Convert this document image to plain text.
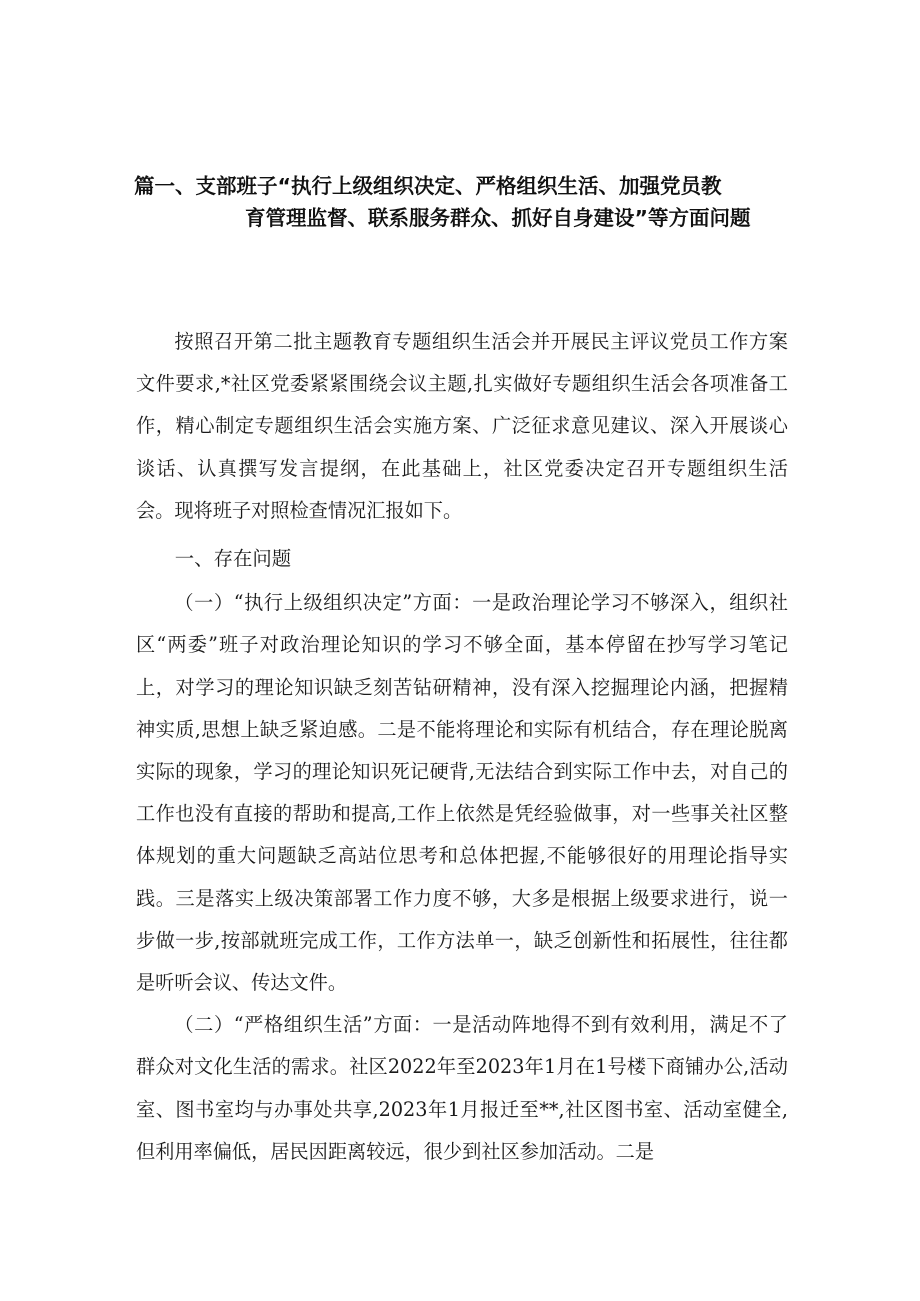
篇一、支部班子“执行上级组织决定、严格组织生活、加强党员教
育管理监督、联系服务群众、抓好自身建设”等方面问题

按照召开第二批主题教育专题组织生活会并开展民主评议党员工作方案文件要求,*社区党委紧紧围绕会议主题,扎实做好专题组织生活会各项准备工作，精心制定专题组织生活会实施方案、广泛征求意见建议、深入开展谈心谈话、认真撰写发言提纲，在此基础上，社区党委决定召开专题组织生活会。现将班子对照检查情况汇报如下。

一、存在问题

（一）“执行上级组织决定”方面：一是政治理论学习不够深入，组织社区“两委”班子对政治理论知识的学习不够全面，基本停留在抄写学习笔记上，对学习的理论知识缺乏刻苦钻研精神，没有深入挖掘理论内涵，把握精神实质,思想上缺乏紧迫感。二是不能将理论和实际有机结合，存在理论脱离实际的现象，学习的理论知识死记硬背,无法结合到实际工作中去，对自己的工作也没有直接的帮助和提高,工作上依然是凭经验做事，对一些事关社区整体规划的重大问题缺乏高站位思考和总体把握,不能够很好的用理论指导实践。三是落实上级决策部署工作力度不够，大多是根据上级要求进行，说一步做一步,按部就班完成工作，工作方法单一，缺乏创新性和拓展性，往往都是听听会议、传达文件。

（二）“严格组织生活”方面：一是活动阵地得不到有效利用，满足不了群众对文化生活的需求。社区2022年至2023年1月在1号楼下商铺办公,活动室、图书室均与办事处共享,2023年1月报迁至**,社区图书室、活动室健全,但利用率偏低，居民因距离较远，很少到社区参加活动。二是
